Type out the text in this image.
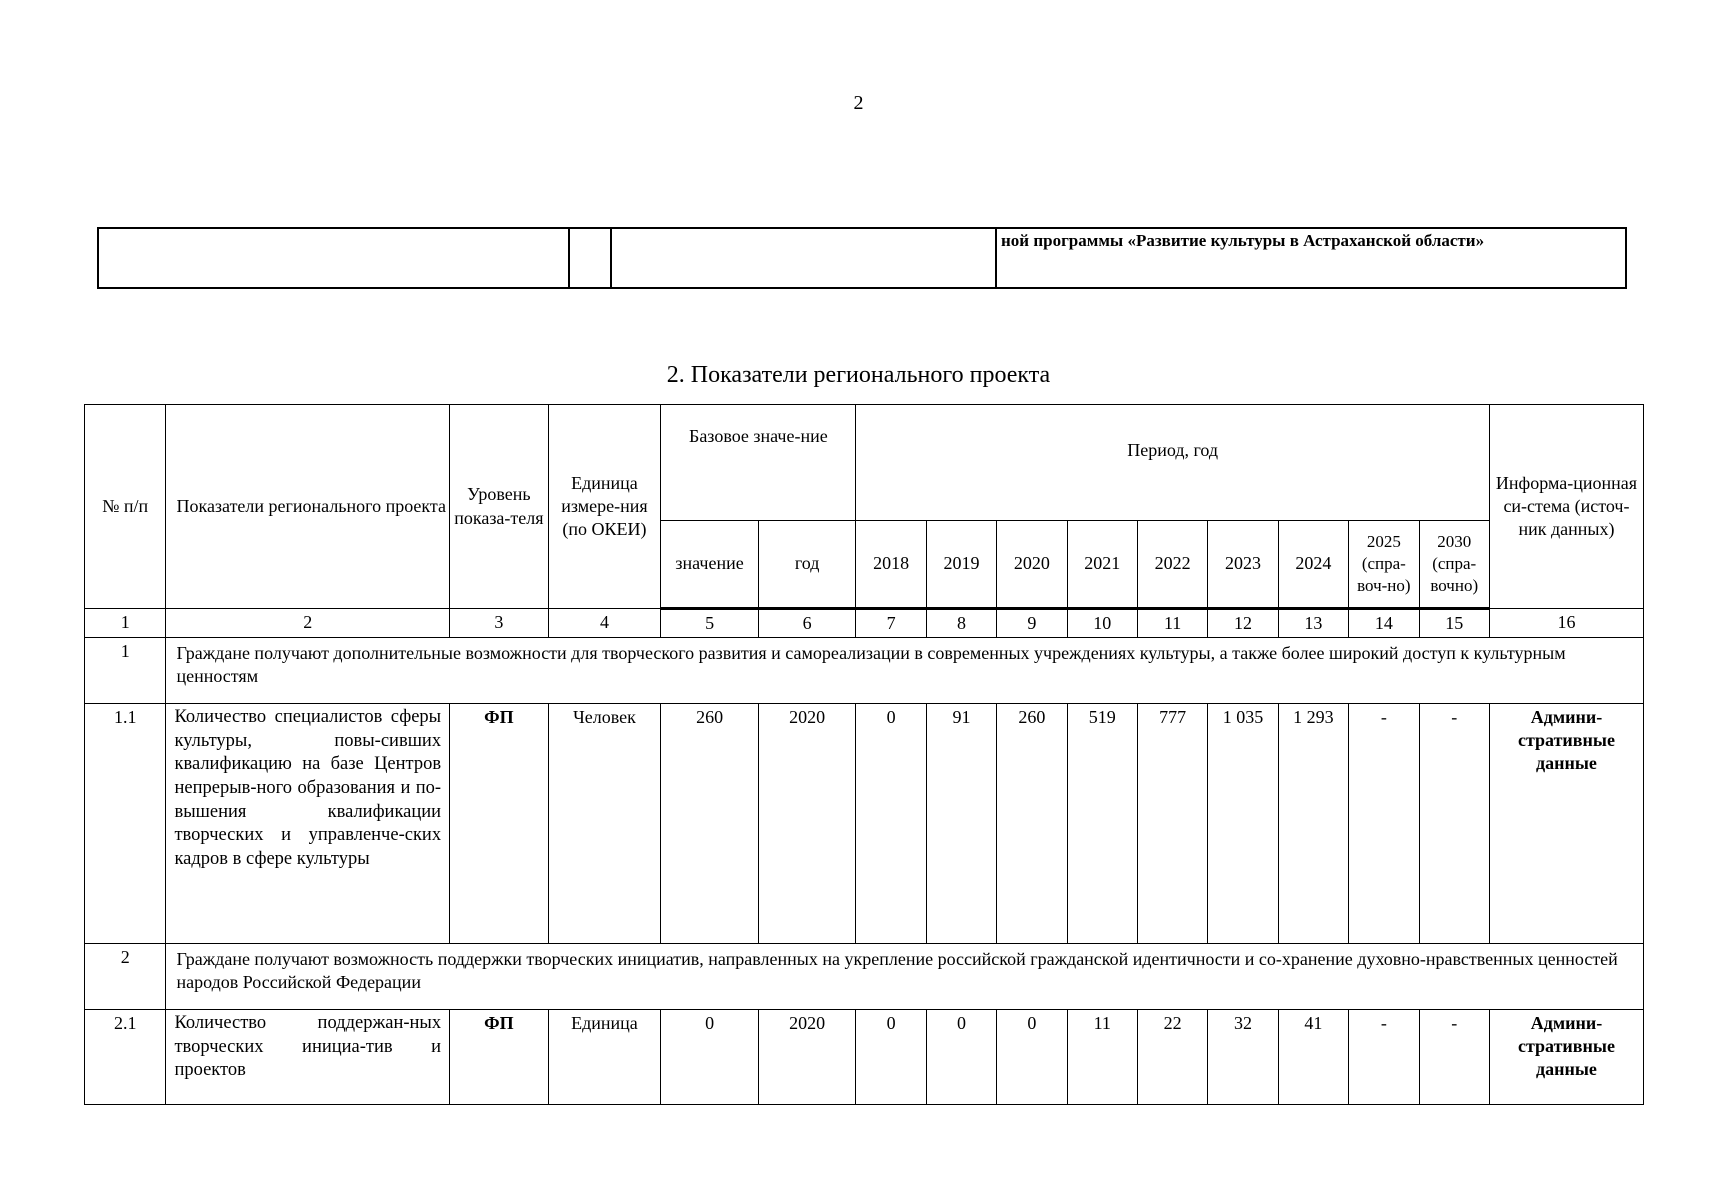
2
			ной программы «Развитие культуры в Астраханской области»
2. Показатели регионального проекта
№ п/п	Показатели регионального проекта	Уровень показа-теля	Единица измере-ния (по ОКЕИ)	Базовое значе-ние		Период, год									Информа-ционная си-стема (источ-ник данных)
				значение	год	2018	2019	2020	2021	2022	2023	2024	2025 (спра-воч-но)	2030 (спра-вочно)	
1	2	3	4	5	6	7	8	9	10	11	12	13	14	15	16
1	Граждане получают дополнительные возможности для творческого развития и самореализации в современных учреждениях культуры, а также более широкий доступ к культурным ценностям														
1.1	Количество специалистов сферы культуры, повы-сивших квалификацию на базе Центров непрерыв-ного образования и по-вышения квалификации творческих и управленче-ских кадров в сфере культуры	ФП	Человек	260	2020	0	91	260	519	777	1 035	1 293	-	-	Админи-стративные данные
2	Граждане получают возможность поддержки творческих инициатив, направленных на укрепление российской гражданской идентичности и со-хранение духовно-нравственных ценностей народов Российской Федерации														
2.1	Количество поддержан-ных творческих инициа-тив и проектов	ФП	Единица	0	2020	0	0	0	11	22	32	41	-	-	Админи-стративные данные
